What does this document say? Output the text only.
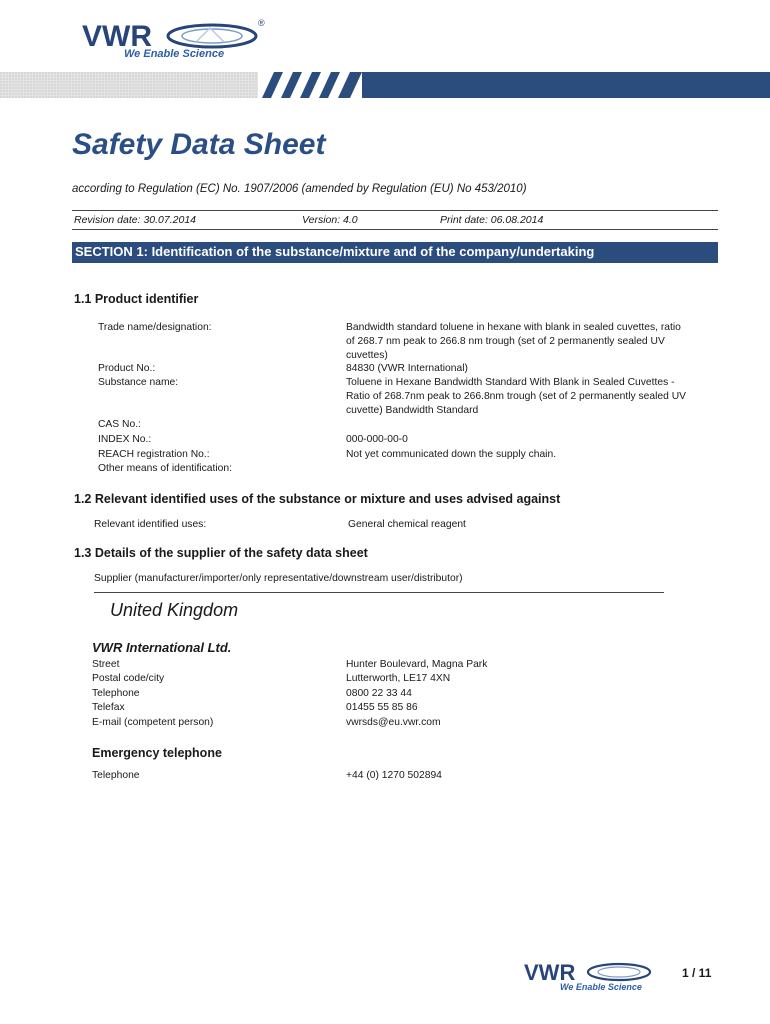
VWR	®
We Enable Science
Safety Data Sheet
according to Regulation (EC) No. 1907/2006 (amended by Regulation (EU) No 453/2010)
Revision date: 30.07.2014	Version: 4.0	Print date: 06.08.2014
SECTION 1: Identification of the substance/mixture and of the company/undertaking
1.1 Product identifier
Trade name/designation:	Bandwidth standard toluene in hexane with blank in sealed cuvettes, ratio
of 268.7 nm peak to 266.8 nm trough (set of 2 permanently sealed UV
cuvettes)
Product No.:	84830 (VWR International)
Substance name:	Toluene in Hexane Bandwidth Standard With Blank in Sealed Cuvettes -
Ratio of 268.7nm peak to 266.8nm trough (set of 2 permanently sealed UV
cuvette) Bandwidth Standard
CAS No.:
INDEX No.:	000-000-00-0
REACH registration No.:	Not yet communicated down the supply chain.
Other means of identification:
1.2 Relevant identified uses of the substance or mixture and uses advised against
Relevant identified uses:	General chemical reagent
1.3 Details of the supplier of the safety data sheet
Supplier (manufacturer/importer/only representative/downstream user/distributor)
United Kingdom
VWR International Ltd.
Street	Hunter Boulevard, Magna Park
Postal code/city	Lutterworth, LE17 4XN
Telephone	0800 22 33 44
Telefax	01455 55 85 86
E-mail (competent person)	vwrsds@eu.vwr.com
Emergency telephone
Telephone	+44 (0) 1270 502894
VWR
We Enable Science
1 / 11
